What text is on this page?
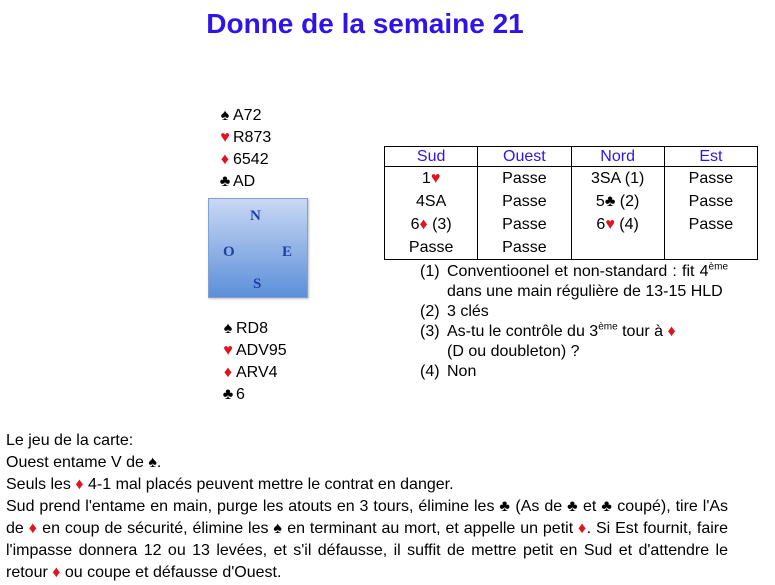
Donne de la semaine 21
♠ A72
♥ R873
♦ 6542
♣ AD
N
O	E
S
♠ RD8
♥ ADV95
♦ ARV4
♣ 6
Sud	Ouest	Nord	Est
1♥	Passe	3SA (1)	Passe
4SA	Passe	5♣ (2)	Passe
6♦ (3)	Passe	6♥ (4)	Passe
Passe	Passe		
(1) Conventioonel et non-standard : fit 4ème dans une main régulière de 13-15 HLD
(2) 3 clés
(3) As-tu le contrôle du 3ème tour à ♦
(D ou doubleton) ?
(4) Non
Le jeu de la carte:
Ouest entame V de ♠.
Seuls les ♦ 4-1 mal placés peuvent mettre le contrat en danger.
Sud prend l'entame en main, purge les atouts en 3 tours, élimine les ♣ (As de ♣ et ♣ coupé), tire l'As de ♦ en coup de sécurité, élimine les ♠ en terminant au mort, et appelle un petit ♦. Si Est fournit, faire l'impasse donnera 12 ou 13 levées, et s'il défausse, il suffit de mettre petit en Sud et d'attendre le retour ♦ ou coupe et défausse d'Ouest.
